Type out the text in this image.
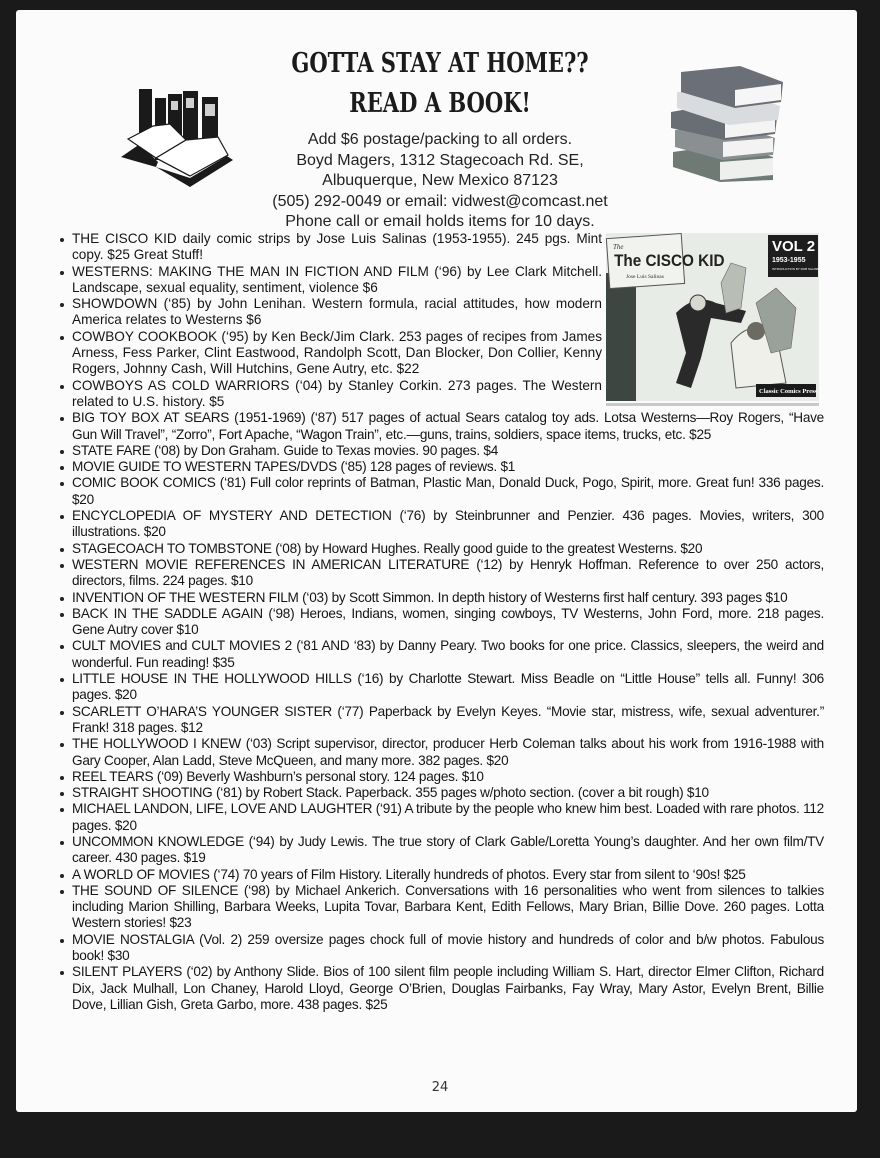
GOTTA STAY AT HOME??
READ A BOOK!
Add $6 postage/packing to all orders.
Boyd Magers, 1312 Stagecoach Rd. SE,
Albuquerque, New Mexico 87123
(505) 292-0049 or email: vidwest@comcast.net
Phone call or email holds items for 10 days.
The
The CISCO KID
Jose Luis Salinas
VOL 2
1953-1955
INTRODUCTION BY ROB SALISBURY
Classic Comics Press
THE CISCO KID daily comic strips by Jose Luis Salinas (1953-1955). 245 pgs. Mint copy. $25 Great Stuff!
WESTERNS: MAKING THE MAN IN FICTION AND FILM (‘96) by Lee Clark Mitchell. Landscape, sexual equality, sentiment, violence $6
SHOWDOWN (‘85) by John Lenihan. Western formula, racial attitudes, how modern America relates to Westerns $6
COWBOY COOKBOOK (‘95) by Ken Beck/Jim Clark. 253 pages of recipes from James Arness, Fess Parker, Clint Eastwood, Randolph Scott, Dan Blocker, Don Collier, Kenny Rogers, Johnny Cash, Will Hutchins, Gene Autry, etc. $22
COWBOYS AS COLD WARRIORS (‘04) by Stanley Corkin. 273 pages. The Western related to U.S. history. $5
BIG TOY BOX AT SEARS (1951-1969) (‘87) 517 pages of actual Sears catalog toy ads. Lotsa Westerns—Roy Rogers, “Have Gun Will Travel”, “Zorro”, Fort Apache, “Wagon Train”, etc.—guns, trains, soldiers, space items, trucks, etc. $25
STATE FARE (‘08) by Don Graham. Guide to Texas movies. 90 pages. $4
MOVIE GUIDE TO WESTERN TAPES/DVDS (‘85) 128 pages of reviews. $1
COMIC BOOK COMICS (‘81) Full color reprints of Batman, Plastic Man, Donald Duck, Pogo, Spirit, more. Great fun! 336 pages. $20
ENCYCLOPEDIA OF MYSTERY AND DETECTION (‘76) by Steinbrunner and Penzier. 436 pages. Movies, writers, 300 illustrations. $20
STAGECOACH TO TOMBSTONE (‘08) by Howard Hughes. Really good guide to the greatest Westerns. $20
WESTERN MOVIE REFERENCES IN AMERICAN LITERATURE (‘12) by Henryk Hoffman. Reference to over 250 actors, directors, films. 224 pages. $10
INVENTION OF THE WESTERN FILM (‘03) by Scott Simmon. In depth history of Westerns first half century. 393 pages $10
BACK IN THE SADDLE AGAIN (‘98) Heroes, Indians, women, singing cowboys, TV Westerns, John Ford, more. 218 pages. Gene Autry cover $10
CULT MOVIES and CULT MOVIES 2 (‘81 AND ‘83) by Danny Peary. Two books for one price. Classics, sleepers, the weird and wonderful. Fun reading! $35
LITTLE HOUSE IN THE HOLLYWOOD HILLS (‘16) by Charlotte Stewart. Miss Beadle on “Little House” tells all. Funny! 306 pages. $20
SCARLETT O’HARA’S YOUNGER SISTER (‘77) Paperback by Evelyn Keyes. “Movie star, mistress, wife, sexual adventurer.” Frank! 318 pages. $12
THE HOLLYWOOD I KNEW (‘03) Script supervisor, director, producer Herb Coleman talks about his work from 1916-1988 with Gary Cooper, Alan Ladd, Steve McQueen, and many more. 382 pages. $20
REEL TEARS (‘09) Beverly Washburn’s personal story. 124 pages. $10
STRAIGHT SHOOTING (‘81) by Robert Stack. Paperback. 355 pages w/photo section. (cover a bit rough) $10
MICHAEL LANDON, LIFE, LOVE AND LAUGHTER (‘91) A tribute by the people who knew him best. Loaded with rare photos. 112 pages. $20
UNCOMMON KNOWLEDGE (‘94) by Judy Lewis. The true story of Clark Gable/Loretta Young’s daughter. And her own film/TV career. 430 pages. $19
A WORLD OF MOVIES (‘74) 70 years of Film History. Literally hundreds of photos. Every star from silent to ‘90s! $25
THE SOUND OF SILENCE (‘98) by Michael Ankerich. Conversations with 16 personalities who went from silences to talkies including Marion Shilling, Barbara Weeks, Lupita Tovar, Barbara Kent, Edith Fellows, Mary Brian, Billie Dove. 260 pages. Lotta Western stories! $23
MOVIE NOSTALGIA (Vol. 2) 259 oversize pages chock full of movie history and hundreds of color and b/w photos. Fabulous book! $30
SILENT PLAYERS (‘02) by Anthony Slide. Bios of 100 silent film people including William S. Hart, director Elmer Clifton, Richard Dix, Jack Mulhall, Lon Chaney, Harold Lloyd, George O’Brien, Douglas Fairbanks, Fay Wray, Mary Astor, Evelyn Brent, Billie Dove, Lillian Gish, Greta Garbo, more. 438 pages. $25
24
